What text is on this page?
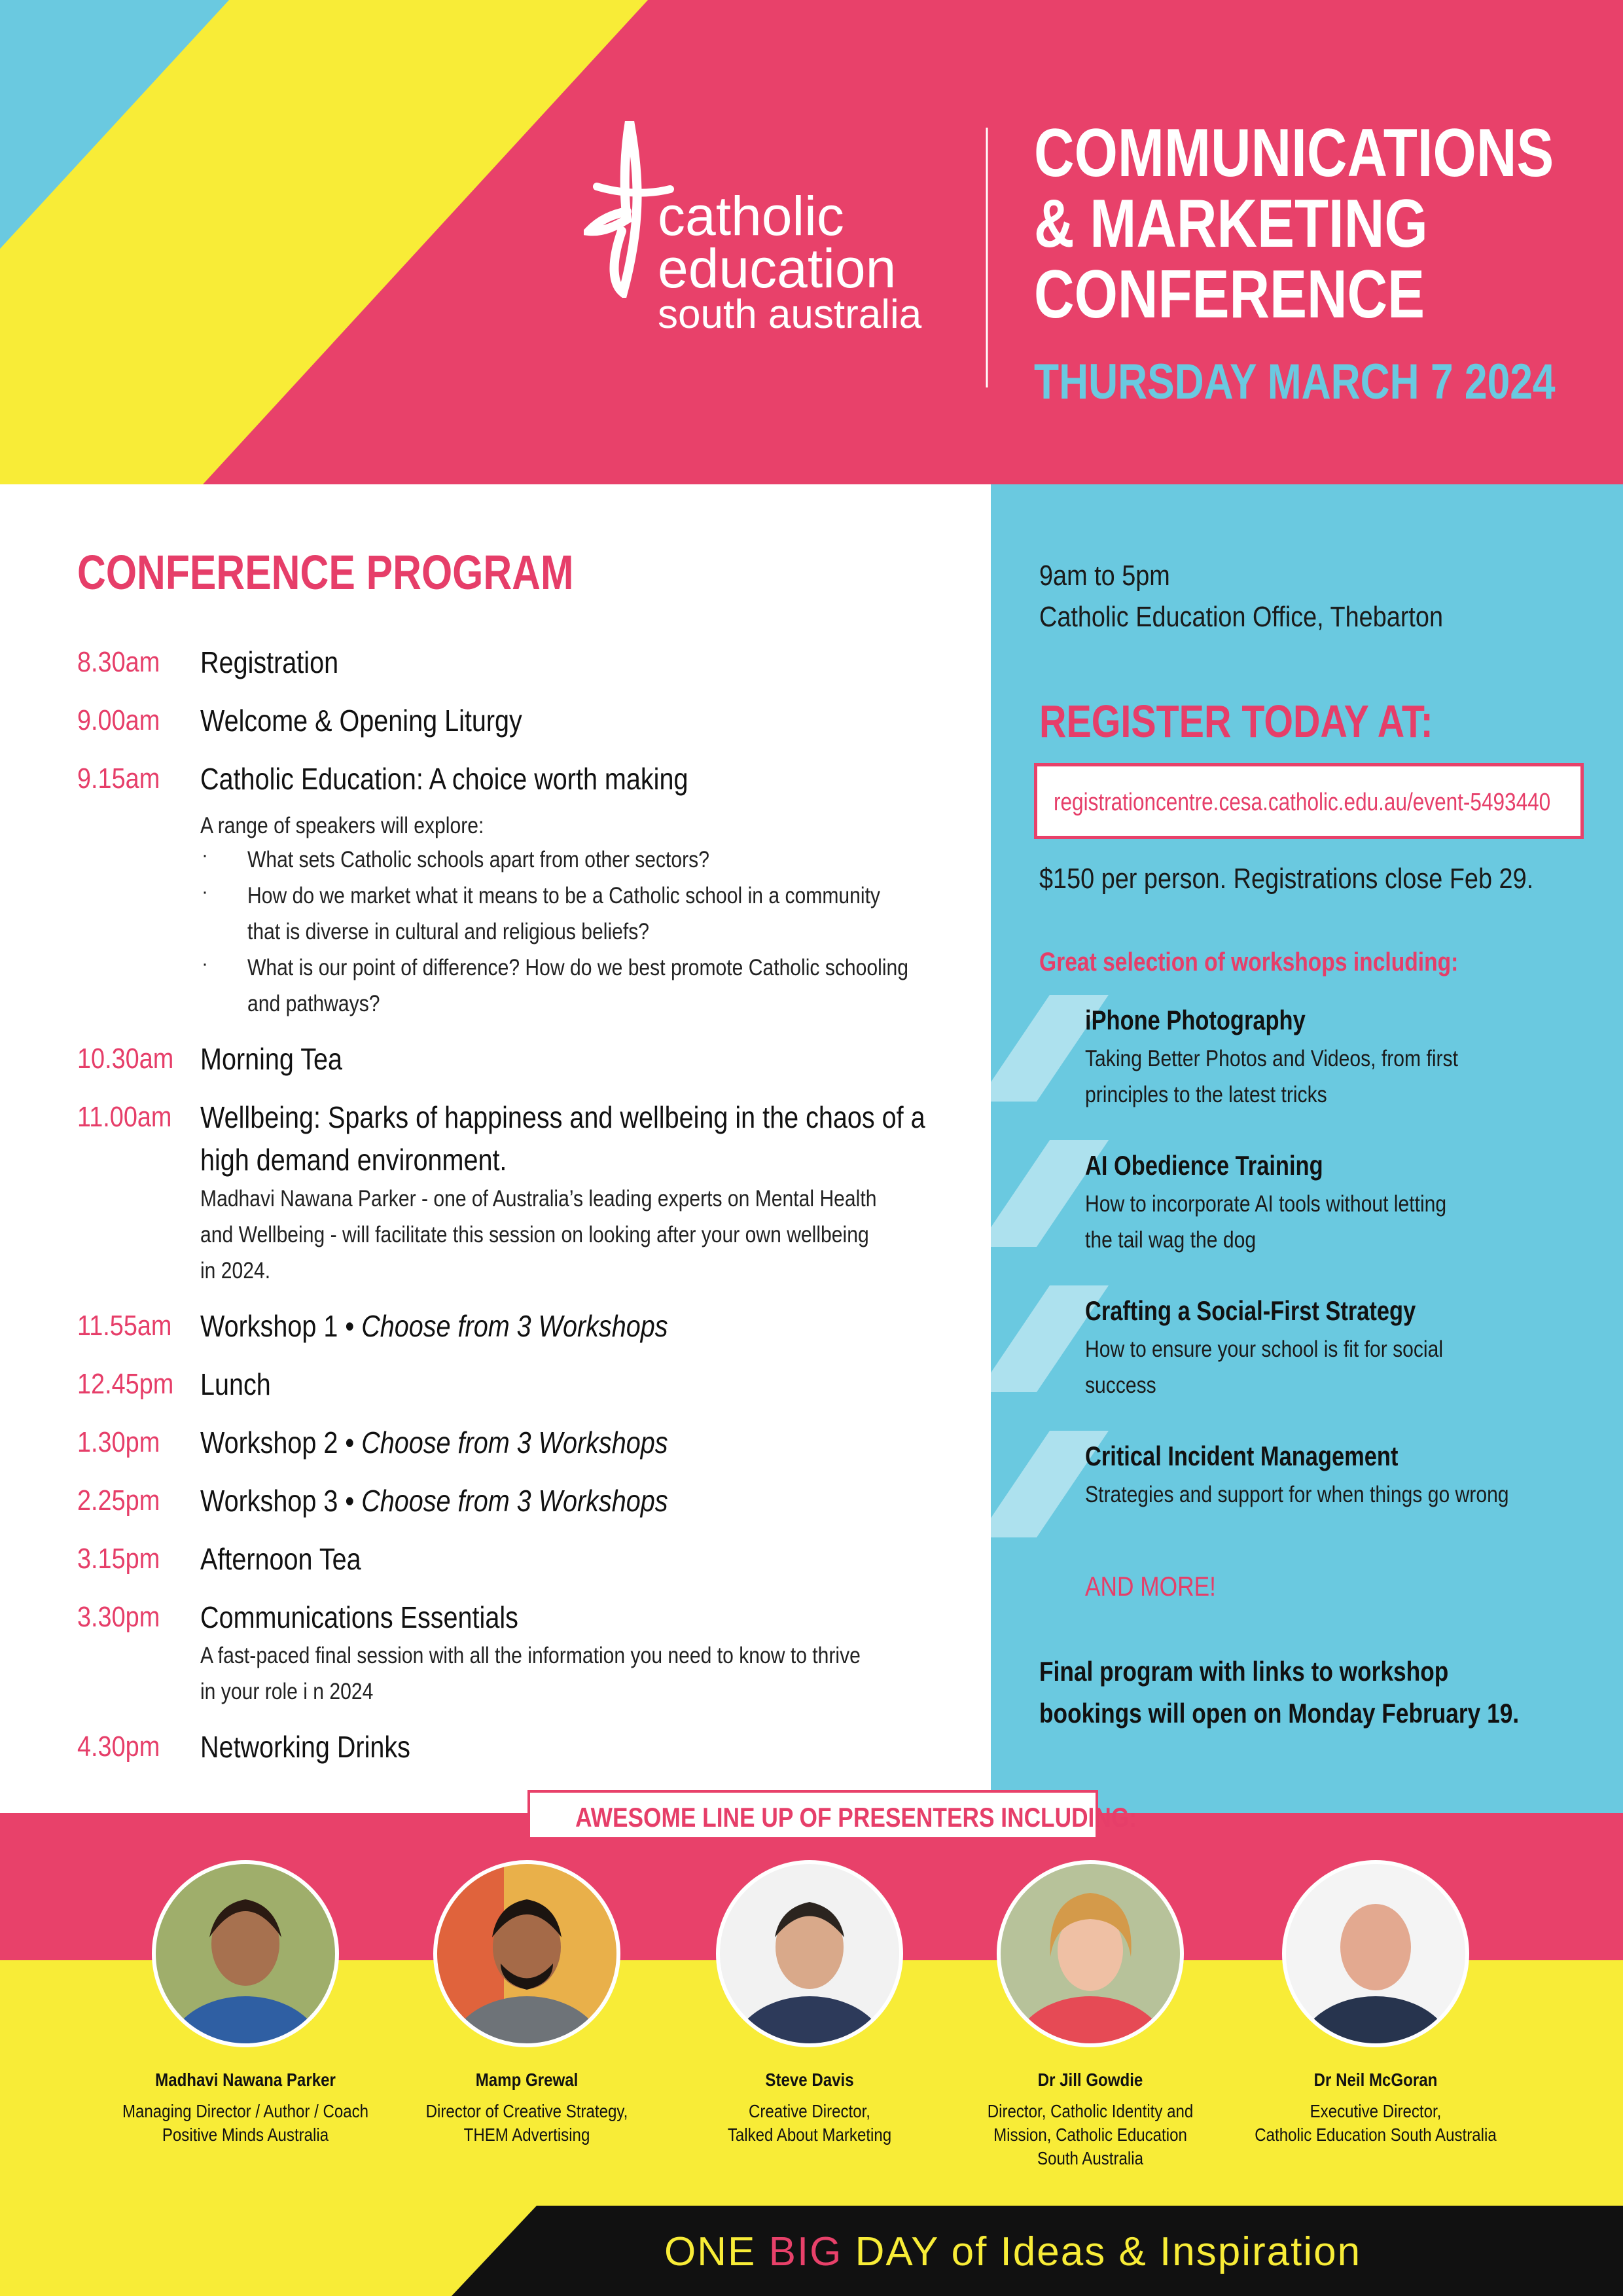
catholic
education
south australia
COMMUNICATIONS
& MARKETING
CONFERENCE
THURSDAY MARCH 7 2024
CONFERENCE PROGRAM
8.30am Registration
9.00am Welcome & Opening Liturgy
9.15am Catholic Education: A choice worth making
A range of speakers will explore:
· What sets Catholic schools apart from other sectors?
· How do we market what it means to be a Catholic school in a community
that is diverse in cultural and religious beliefs?
· What is our point of difference? How do we best promote Catholic schooling
and pathways?
10.30am Morning Tea
11.00am Wellbeing: Sparks of happiness and wellbeing in the chaos of a
high demand environment.
Madhavi Nawana Parker - one of Australia’s leading experts on Mental Health
and Wellbeing - will facilitate this session on looking after your own wellbeing
in 2024.
11.55am Workshop 1 • Choose from 3 Workshops
12.45pm Lunch
1.30pm Workshop 2 • Choose from 3 Workshops
2.25pm Workshop 3 • Choose from 3 Workshops
3.15pm Afternoon Tea
3.30pm Communications Essentials
A fast-paced final session with all the information you need to know to thrive
in your role i n 2024
4.30pm Networking Drinks
9am to 5pm
Catholic Education Office, Thebarton
REGISTER TODAY AT:
registrationcentre.cesa.catholic.edu.au/event-5493440
$150 per person. Registrations close Feb 29.
Great selection of workshops including:
iPhone Photography
Taking Better Photos and Videos, from first
principles to the latest tricks
AI Obedience Training
How to incorporate AI tools without letting
the tail wag the dog
Crafting a Social-First Strategy
How to ensure your school is fit for social
success
Critical Incident Management
Strategies and support for when things go wrong
AND MORE!
Final program with links to workshop
bookings will open on Monday February 19.
AWESOME LINE UP OF PRESENTERS INCLUDING:
Madhavi Nawana Parker
Managing Director / Author / Coach
Positive Minds Australia
Mamp Grewal
Director of Creative Strategy,
THEM Advertising
Steve Davis
Creative Director,
Talked About Marketing
Dr Jill Gowdie
Director, Catholic Identity and
Mission, Catholic Education
South Australia
Dr Neil McGoran
Executive Director,
Catholic Education South Australia
ONE BIG DAY of Ideas & Inspiration
